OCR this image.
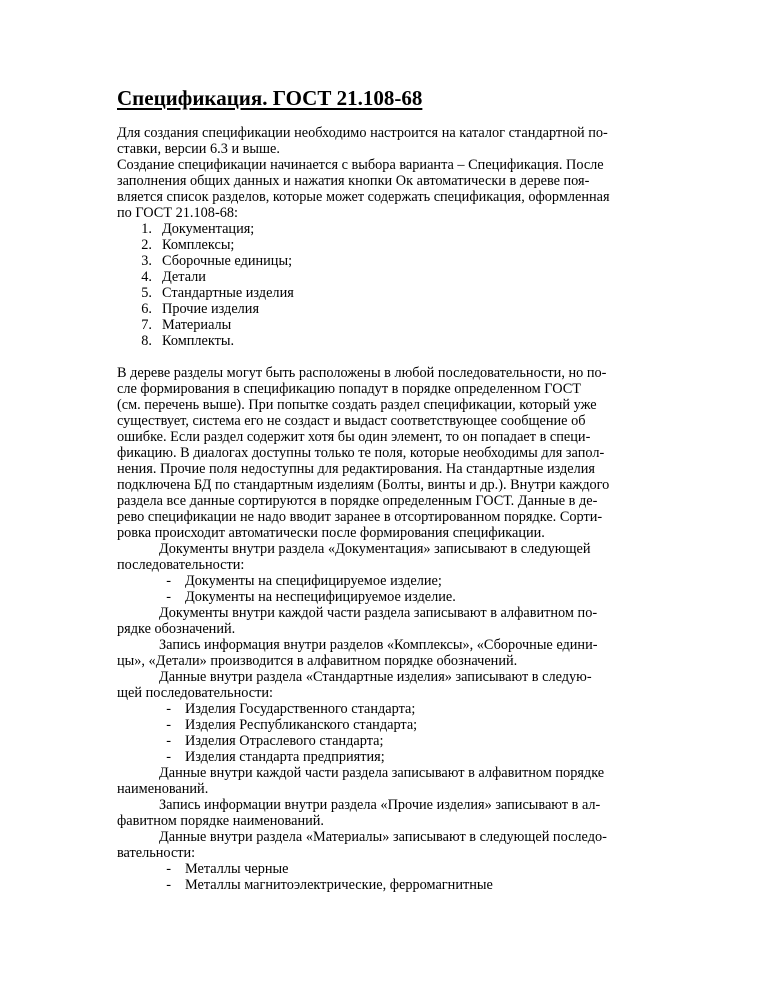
Спецификация. ГОСТ 21.108-68
Для создания спецификации необходимо настроится на каталог стандартной по-
ставки, версии 6.3 и выше.
Создание спецификации начинается с выбора варианта – Спецификация. После
заполнения общих данных и нажатия кнопки Ок автоматически в дереве поя-
вляется список разделов, которые может содержать спецификация, оформленная
по ГОСТ 21.108-68:
1. Документация;
2. Комплексы;
3. Сборочные единицы;
4. Детали
5. Стандартные изделия
6. Прочие изделия
7. Материалы
8. Комплекты.
В дереве разделы могут быть расположены в любой последовательности, но по-
сле формирования в спецификацию попадут в порядке определенном ГОСТ
(см. перечень выше). При попытке создать раздел спецификации, который уже
существует, система его не создаст и выдаст соответствующее сообщение об
ошибке. Если раздел содержит хотя бы один элемент, то он попадает в специ-
фикацию. В диалогах доступны только те поля, которые необходимы для запол-
нения. Прочие поля недоступны для редактирования. На стандартные изделия
подключена БД по стандартным изделиям (Болты, винты и др.). Внутри каждого
раздела все данные сортируются в порядке определенным ГОСТ. Данные в де-
рево спецификации не надо вводит заранее в отсортированном порядке. Сорти-
ровка происходит автоматически после формирования спецификации.
Документы внутри раздела «Документация» записывают в следующей
последовательности:
- Документы на специфицируемое изделие;
- Документы на неспецифицируемое изделие.
Документы внутри каждой части раздела записывают в алфавитном по-
рядке обозначений.
Запись информация внутри разделов «Комплексы», «Сборочные едини-
цы», «Детали» производится в алфавитном порядке обозначений.
Данные внутри раздела «Стандартные изделия» записывают в следую-
щей последовательности:
- Изделия Государственного стандарта;
- Изделия Республиканского стандарта;
- Изделия Отраслевого стандарта;
- Изделия стандарта предприятия;
Данные внутри каждой части раздела записывают в алфавитном порядке
наименований.
Запись информации внутри раздела «Прочие изделия» записывают в ал-
фавитном порядке наименований.
Данные внутри раздела «Материалы» записывают в следующей последо-
вательности:
- Металлы черные
- Металлы магнитоэлектрические, ферромагнитные
